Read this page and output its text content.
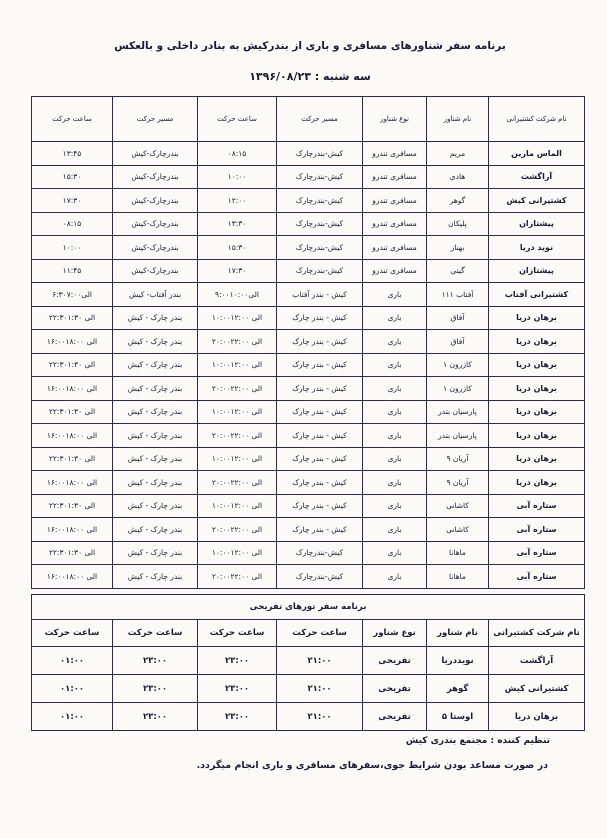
برنامه سفر شناورهای مسافری و باری از بندرکیش به بنادر داخلی و بالعکس
سه شنبه : ۱۳۹۶/۰۸/۲۳
نام شرکت کشتیرانی	نام شناور	نوع شناور	مسیر حرکت	ساعت حرکت	مسیر حرکت	ساعت حرکت
الماس مارین	مریم	مسافری تندرو	کیش-بندرچارک	۰۸:۱۵	بندرچارک-کیش	۱۳:۴۵
آراگشت	هادی	مسافری تندرو	کیش-بندرچارک	۱۰:۰۰	بندرچارک-کیش	۱۵:۳۰
کشتیرانی کیش	گوهر	مسافری تندرو	کیش-بندرچارک	۱۲:۰۰	بندرچارک-کیش	۱۷:۳۰
پیشتازان	پلیکان	مسافری تندرو	کیش-بندرچارک	۱۳:۳۰	بندرچارک-کیش	۰۸:۱۵
نوید دریا	بهناز	مسافری تندرو	کیش-بندرچارک	۱۵:۳۰	بندرچارک-کیش	۱۰:۰۰
پیشتازان	گیتی	مسافری تندرو	کیش-بندرچارک	۱۷:۳۰	بندرچارک-کیش	۱۱:۴۵
کشتیرانی آفتاب	آفتاب ۱۱۱	باری	کیش - بندر آفتاب	۹:۰۰الی۱۰:۰۰	بندر آفتاب- کیش	۶:۳۰الی۷:۰۰
برهان دریا	آفاق	باری	کیش - بندر چارک	۱۰:۰۰الی ۱۲:۰۰	بندر چارک - کیش	۲۲:۳۰الی ۱:۳۰
برهان دریا	آفاق	باری	کیش - بندر چارک	۲۰:۰۰الی ۲۲:۰۰	بندر چارک - کیش	۱۶:۰۰الی ۱۸:۰۰
برهان دریا	کازرون ۱	باری	کیش - بندر چارک	۱۰:۰۰الی ۱۲:۰۰	بندر چارک - کیش	۲۲:۳۰الی ۱:۳۰
برهان دریا	کازرون ۱	باری	کیش - بندر چارک	۲۰:۰۰الی ۲۲:۰۰	بندر چارک - کیش	۱۶:۰۰الی ۱۸:۰۰
برهان دریا	پارسیان بندر	باری	کیش - بندر چارک	۱۰:۰۰الی ۱۲:۰۰	بندر چارک - کیش	۲۲:۳۰الی ۱:۳۰
برهان دریا	پارسیان بندر	باری	کیش - بندر چارک	۲۰:۰۰الی ۲۲:۰۰	بندر چارک - کیش	۱۶:۰۰الی ۱۸:۰۰
برهان دریا	آریان ۹	باری	کیش - بندر چارک	۱۰:۰۰الی ۱۲:۰۰	بندر چارک - کیش	۲۲:۳۰الی ۱:۳۰
برهان دریا	آریان ۹	باری	کیش - بندر چارک	۲۰:۰۰الی ۲۲:۰۰	بندر چارک - کیش	۱۶:۰۰الی ۱۸:۰۰
ستاره آبی	کاشانی	باری	کیش - بندر چارک	۱۰:۰۰الی ۱۲:۰۰	بندر چارک - کیش	۲۲:۳۰الی ۱:۳۰
ستاره آبی	کاشانی	باری	کیش - بندر چارک	۲۰:۰۰الی ۲۲:۰۰	بندر چارک - کیش	۱۶:۰۰الی ۱۸:۰۰
ستاره آبی	ماهانا	باری	کیش-بندرچارک	۱۰:۰۰الی ۱۲:۰۰	بندر چارک - کیش	۲۲:۳۰الی ۱:۳۰
ستاره آبی	ماهانا	باری	کیش-بندرچارک	۲۰:۰۰الی ۲۲:۰۰	بندر چارک - کیش	۱۶:۰۰الی ۱۸:۰۰
برنامه سفر تورهای تفریحی						
نام شرکت کشتیرانی	نام شناور	نوع شناور	ساعت حرکت	ساعت حرکت	ساعت حرکت	ساعت حرکت
آراگشت	نویددریا	تفریحی	۲۱:۰۰	۲۳:۰۰	۲۳:۰۰	۰۱:۰۰
کشتیرانی کیش	گوهر	تفریحی	۲۱:۰۰	۲۳:۰۰	۲۳:۰۰	۰۱:۰۰
برهان دریا	اوستا ۵	تفریحی	۲۱:۰۰	۲۳:۰۰	۲۳:۰۰	۰۱:۰۰
تنظیم کننده : مجتمع بندری کیش
در صورت مساعد بودن شرایط جوی،سفرهای مسافری و باری انجام میگردد.
